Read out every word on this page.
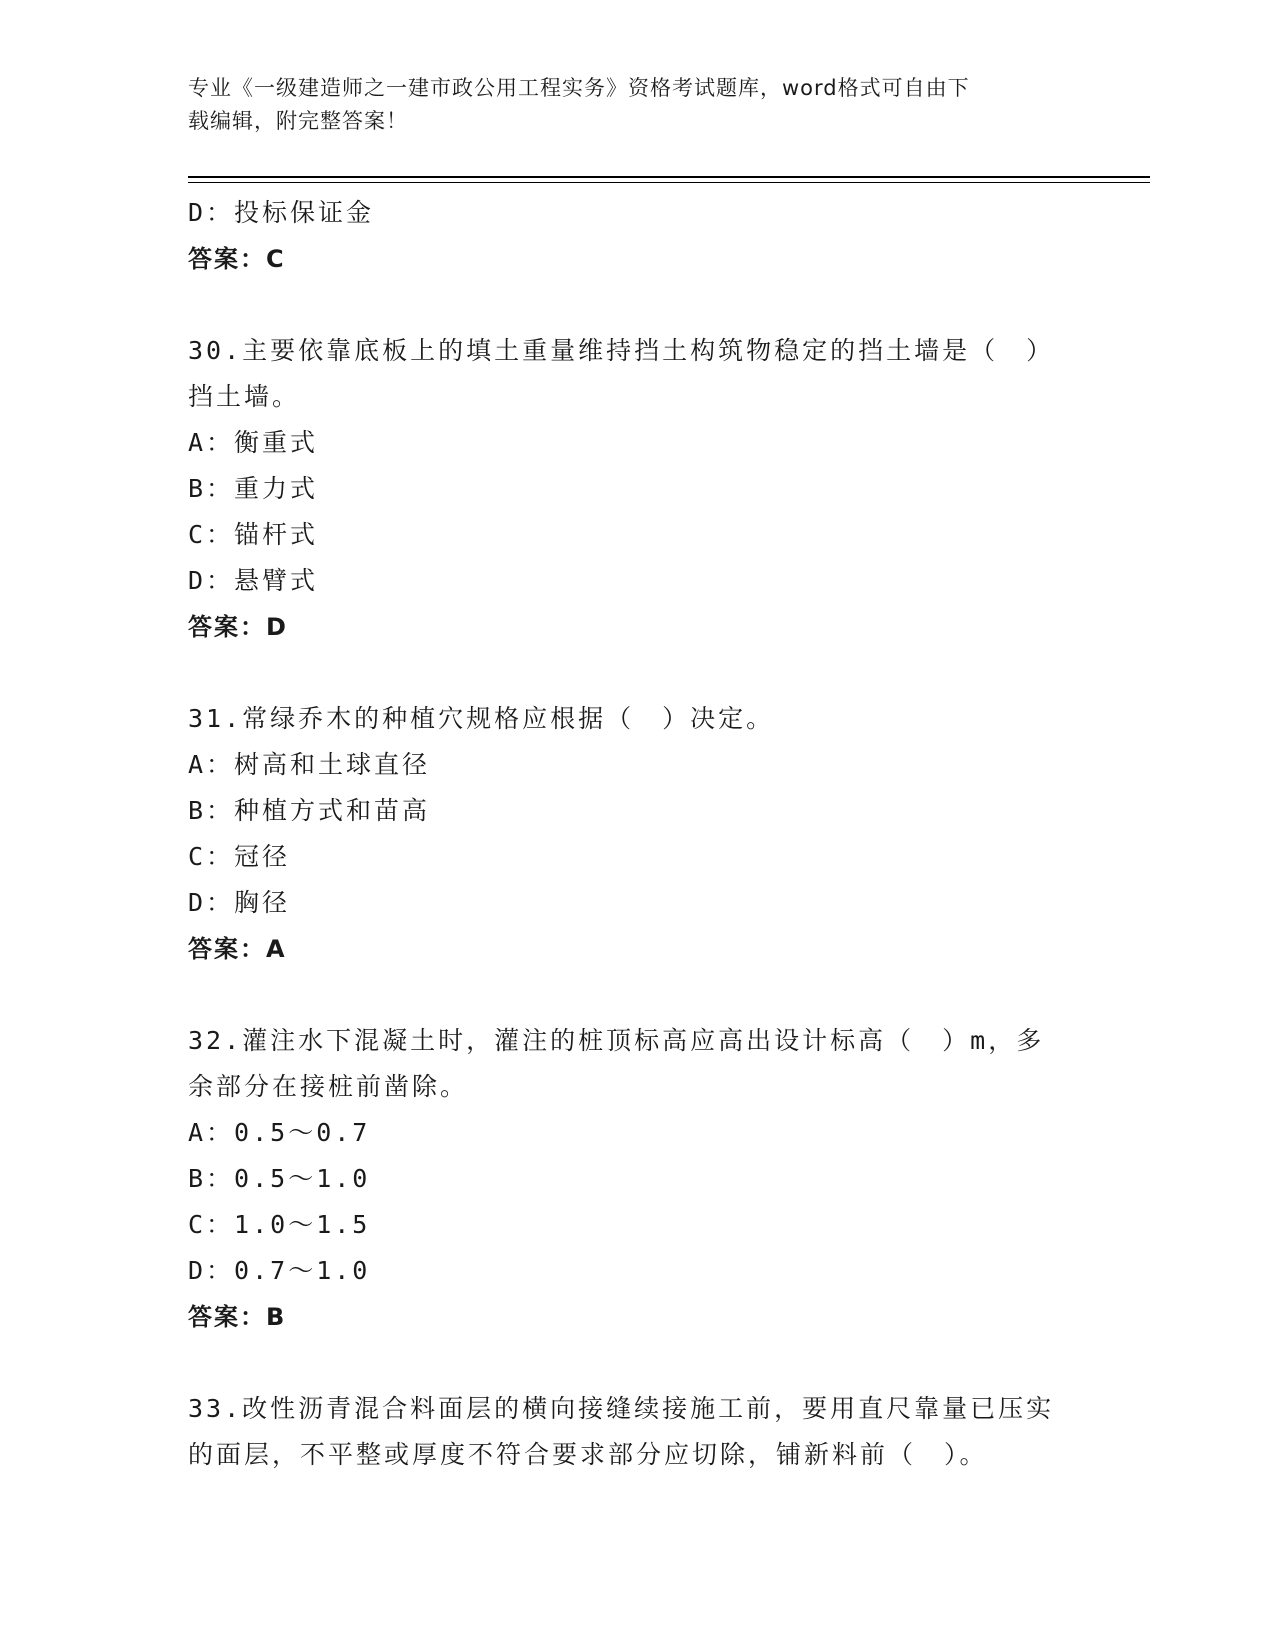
专业《一级建造师之一建市政公用工程实务》资格考试题库，word格式可自由下
载编辑，附完整答案！
D：投标保证金
答案：C
30.主要依靠底板上的填土重量维持挡土构筑物稳定的挡土墙是（　）
挡土墙。
A：衡重式
B：重力式
C：锚杆式
D：悬臂式
答案：D
31.常绿乔木的种植穴规格应根据（　）决定。
A：树高和土球直径
B：种植方式和苗高
C：冠径
D：胸径
答案：A
32.灌注水下混凝土时，灌注的桩顶标高应高出设计标高（　）m，多
余部分在接桩前凿除。
A：0.5～0.7
B：0.5～1.0
C：1.0～1.5
D：0.7～1.0
答案：B
33.改性沥青混合料面层的横向接缝续接施工前，要用直尺靠量已压实
的面层，不平整或厚度不符合要求部分应切除，铺新料前（　）。
